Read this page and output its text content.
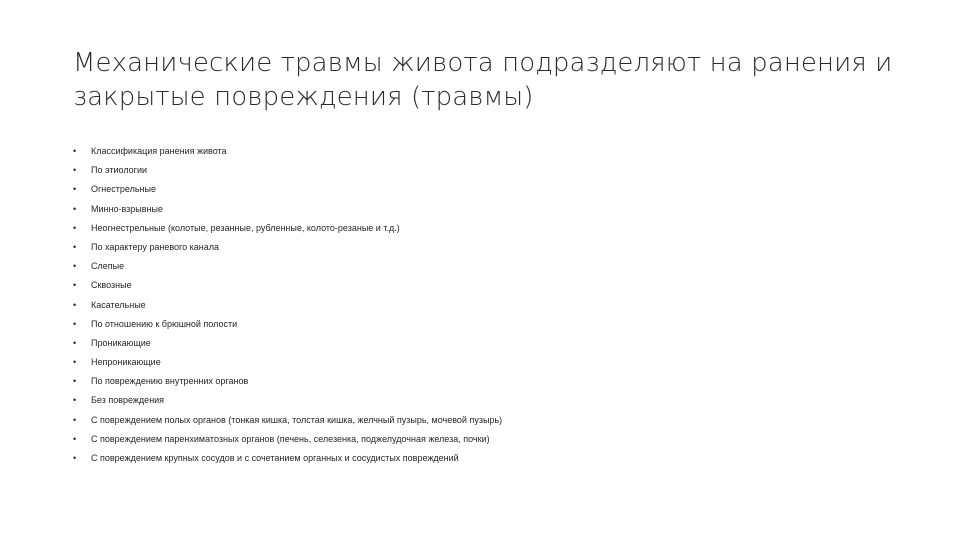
Механические травмы живота подразделяют на ранения и закрытые повреждения (травмы)
•	Классификация ранения живота
•	По этиологии
•	Огнестрельные
•	Минно-взрывные
•	Неогнестрельные (колотые, резанные, рубленные, колото-резаные и т.д.)
•	По характеру раневого канала
•	Слепые
•	Сквозные
•	Касательные
•	По отношению к брюшной полости
•	Проникающие
•	Непроникающие
•	По повреждению внутренних органов
•	Без повреждения
•	С повреждением полых органов (тонкая кишка, толстая кишка, желчный пузырь, мочевой пузырь)
•	С повреждением паренхиматозных органов (печень, селезенка, поджелудочная железа, почки)
•	С повреждением крупных сосудов и с сочетанием органных и сосудистых повреждений
